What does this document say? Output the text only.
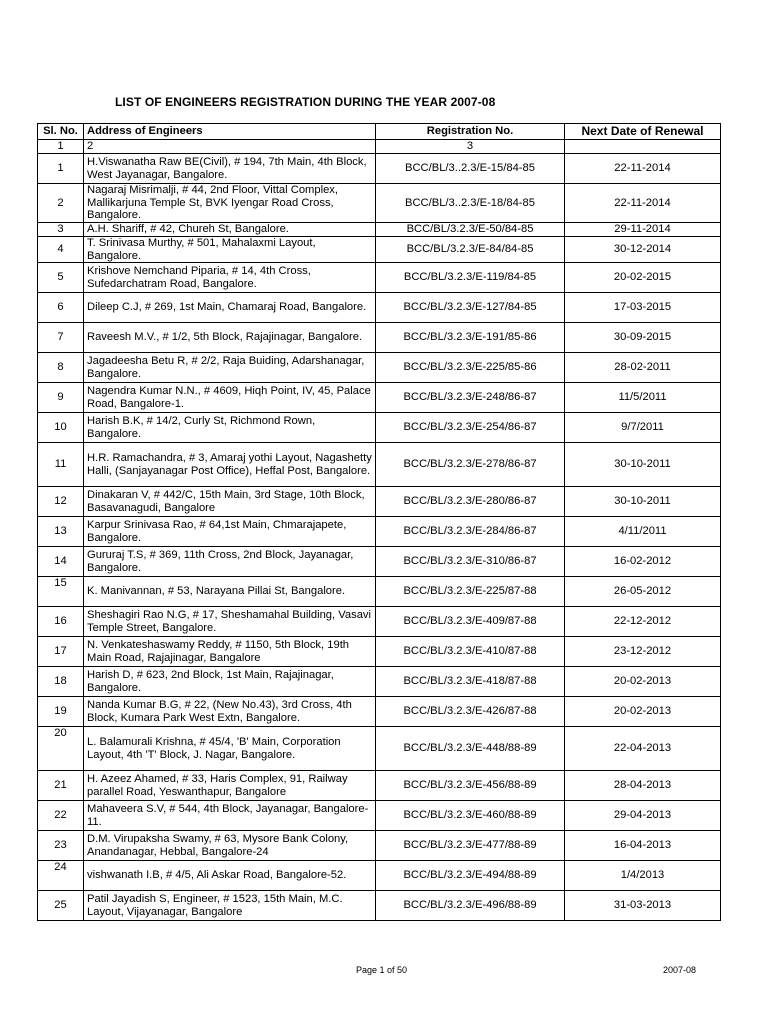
LIST OF ENGINEERS REGISTRATION DURING THE YEAR 2007-08
Sl. No.	Address of Engineers	Registration No.	Next Date of Renewal
1	2	3	
1	H.Viswanatha Raw BE(Civil), # 194, 7th Main, 4th Block, West Jayanagar, Bangalore.	BCC/BL/3..2.3/E-15/84-85	22-11-2014
2	Nagaraj Misrimalji, # 44, 2nd Floor, Vittal Complex, Mallikarjuna Temple St, BVK Iyengar Road Cross, Bangalore.	BCC/BL/3..2.3/E-18/84-85	22-11-2014
3	A.H. Shariff, # 42, Chureh St, Bangalore.	BCC/BL/3.2.3/E-50/84-85	29-11-2014
4	T. Srinivasa Murthy, # 501, Mahalaxmi Layout, Bangalore.	BCC/BL/3.2.3/E-84/84-85	30-12-2014
5	Krishove Nemchand Piparia, # 14, 4th Cross, Sufedarchatram Road, Bangalore.	BCC/BL/3.2.3/E-119/84-85	20-02-2015
6	Dileep C.J, # 269, 1st Main, Chamaraj Road, Bangalore.	BCC/BL/3.2.3/E-127/84-85	17-03-2015
7	Raveesh M.V., # 1/2, 5th Block, Rajajinagar, Bangalore.	BCC/BL/3.2.3/E-191/85-86	30-09-2015
8	Jagadeesha Betu R, # 2/2, Raja Buiding, Adarshanagar, Bangalore.	BCC/BL/3.2.3/E-225/85-86	28-02-2011
9	Nagendra Kumar N.N., # 4609, Hiqh Point, IV, 45, Palace Road, Bangalore-1.	BCC/BL/3.2.3/E-248/86-87	11/5/2011
10	Harish B.K, # 14/2, Curly St, Richmond Rown, Bangalore.	BCC/BL/3.2.3/E-254/86-87	9/7/2011
11	H.R. Ramachandra, # 3, Amaraj yothi Layout, Nagashetty Halli, (Sanjayanagar Post Office), Heffal Post, Bangalore.	BCC/BL/3.2.3/E-278/86-87	30-10-2011
12	Dinakaran V, # 442/C, 15th Main, 3rd Stage, 10th Block, Basavanagudi, Bangalore	BCC/BL/3.2.3/E-280/86-87	30-10-2011
13	Karpur Srinivasa Rao, # 64,1st Main, Chmarajapete, Bangalore.	BCC/BL/3.2.3/E-284/86-87	4/11/2011
14	Gururaj T.S, # 369, 11th Cross, 2nd Block, Jayanagar, Bangalore.	BCC/BL/3.2.3/E-310/86-87	16-02-2012
15	K. Manivannan, # 53, Narayana Pillai St, Bangalore.	BCC/BL/3.2.3/E-225/87-88	26-05-2012
16	Sheshagiri Rao N.G, # 17, Sheshamahal Building, Vasavi Temple Street, Bangalore.	BCC/BL/3.2.3/E-409/87-88	22-12-2012
17	N. Venkateshaswamy Reddy, # 1150, 5th Block, 19th Main Road, Rajajinagar, Bangalore	BCC/BL/3.2.3/E-410/87-88	23-12-2012
18	Harish D, # 623, 2nd Block, 1st Main, Rajajinagar, Bangalore.	BCC/BL/3.2.3/E-418/87-88	20-02-2013
19	Nanda Kumar B.G, # 22, (New No.43), 3rd Cross, 4th Block, Kumara Park West Extn, Bangalore.	BCC/BL/3.2.3/E-426/87-88	20-02-2013
20	L. Balamurali Krishna, # 45/4, 'B' Main, Corporation Layout, 4th 'T' Block, J. Nagar, Bangalore.	BCC/BL/3.2.3/E-448/88-89	22-04-2013
21	H. Azeez Ahamed, # 33, Haris Complex, 91, Railway parallel Road, Yeswanthapur, Bangalore	BCC/BL/3.2.3/E-456/88-89	28-04-2013
22	Mahaveera S.V, # 544, 4th Block, Jayanagar, Bangalore-11.	BCC/BL/3.2.3/E-460/88-89	29-04-2013
23	D.M. Virupaksha Swamy, # 63, Mysore Bank Colony, Anandanagar, Hebbal, Bangalore-24	BCC/BL/3.2.3/E-477/88-89	16-04-2013
24	vishwanath I.B, # 4/5, Ali Askar Road, Bangalore-52.	BCC/BL/3.2.3/E-494/88-89	1/4/2013
25	Patil Jayadish S, Engineer, # 1523, 15th Main, M.C. Layout, Vijayanagar, Bangalore	BCC/BL/3.2.3/E-496/88-89	31-03-2013
Page 1 of 50	2007-08
